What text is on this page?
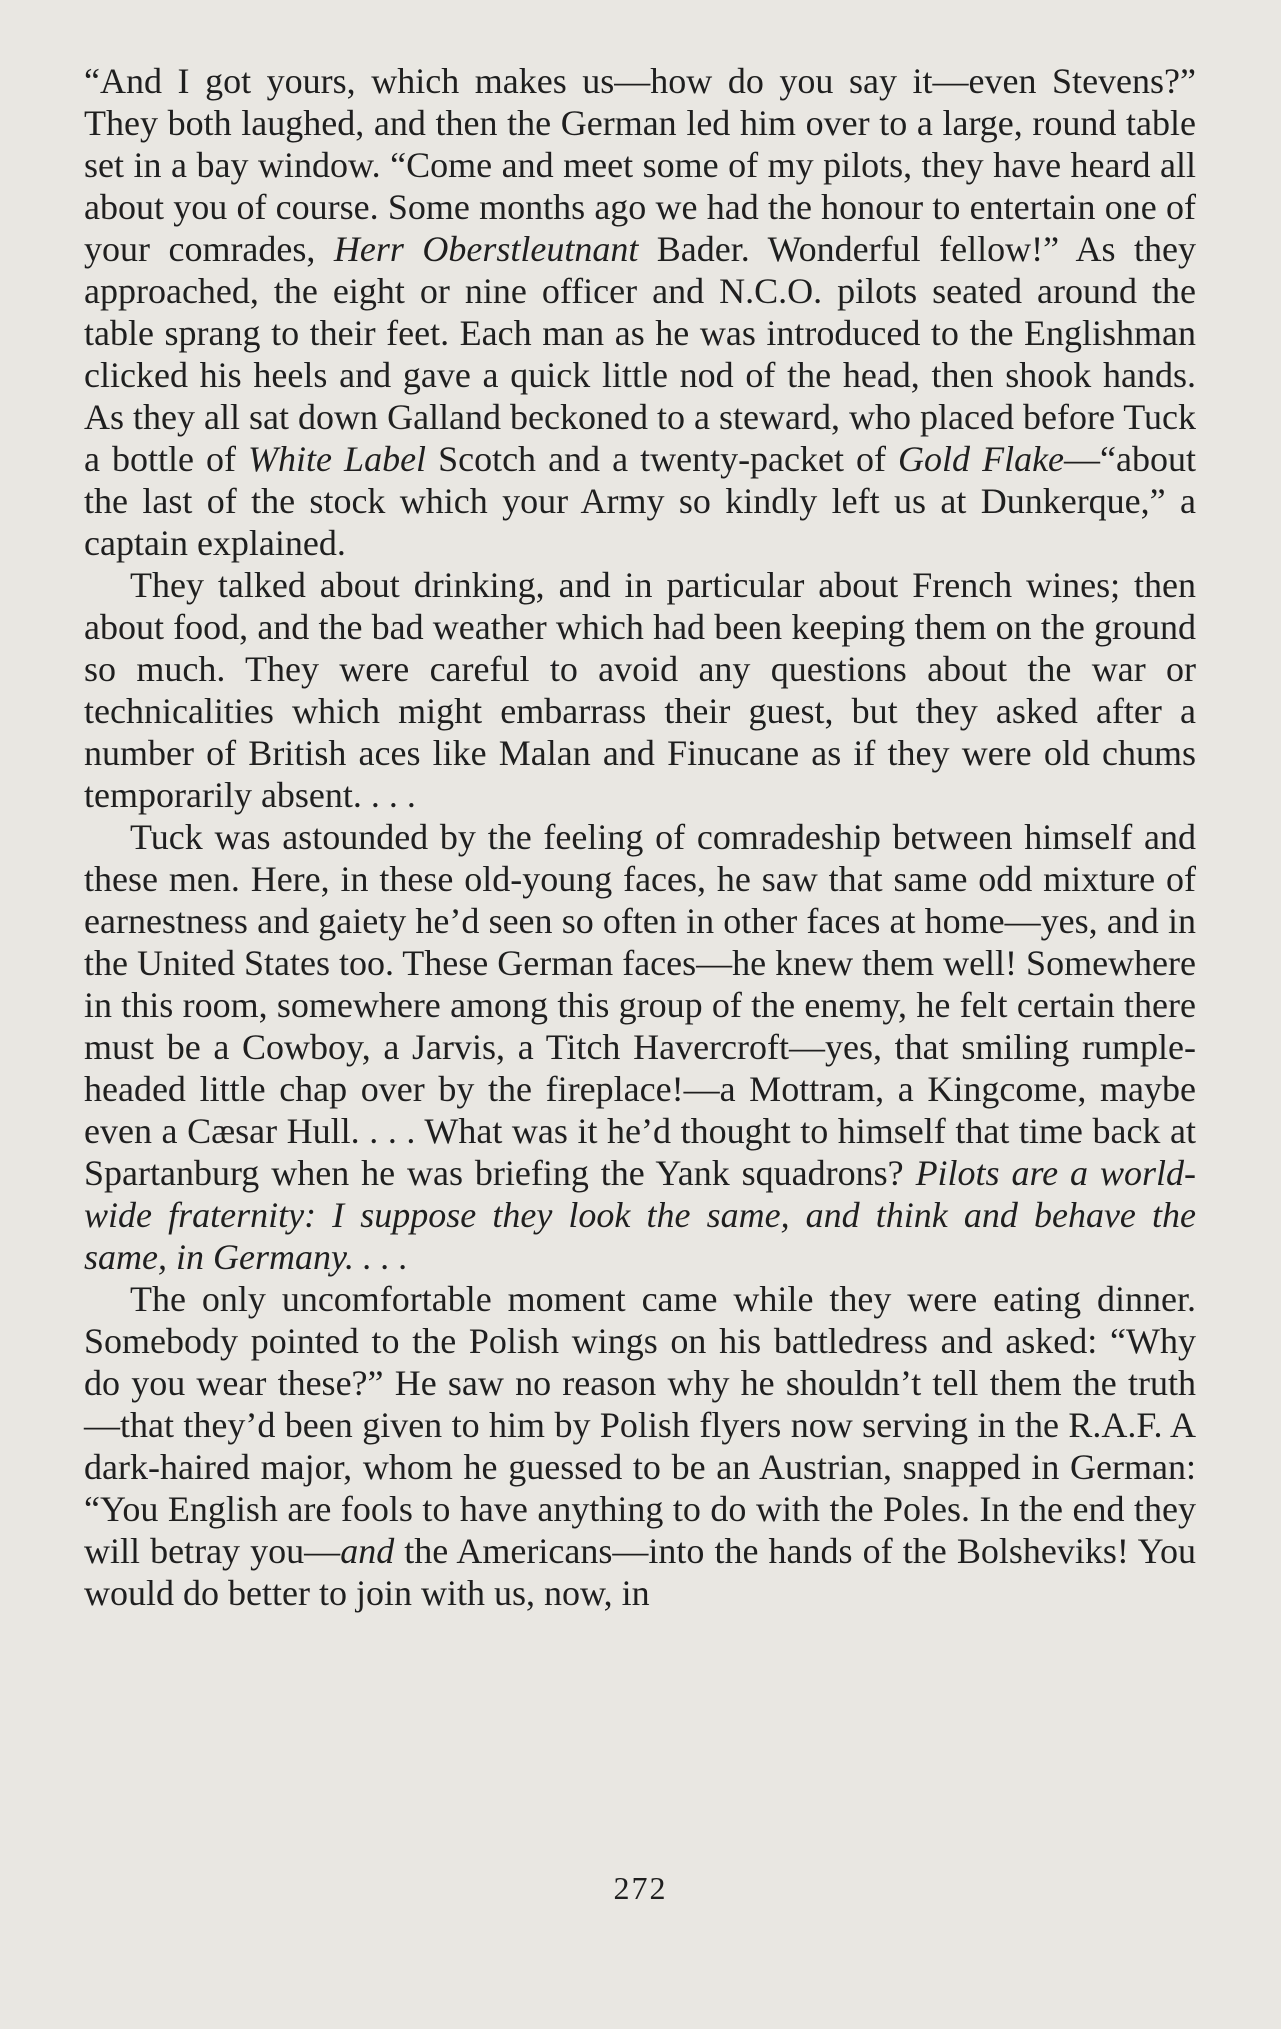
“And I got yours, which makes us—how do you say it—even Stevens?” They both laughed, and then the German led him over to a large, round table set in a bay window. “Come and meet some of my pilots, they have heard all about you of course. Some months ago we had the honour to entertain one of your comrades, Herr Oberstleutnant Bader. Wonderful fellow!” As they approached, the eight or nine officer and N.C.O. pilots seated around the table sprang to their feet. Each man as he was introduced to the Englishman clicked his heels and gave a quick little nod of the head, then shook hands. As they all sat down Galland beckoned to a steward, who placed before Tuck a bottle of White Label Scotch and a twenty-packet of Gold Flake—“about the last of the stock which your Army so kindly left us at Dunkerque,” a captain explained.

They talked about drinking, and in particular about French wines; then about food, and the bad weather which had been keeping them on the ground so much. They were careful to avoid any questions about the war or technicalities which might embarrass their guest, but they asked after a number of British aces like Malan and Finucane as if they were old chums temporarily absent. . . .

Tuck was astounded by the feeling of comradeship between himself and these men. Here, in these old-young faces, he saw that same odd mixture of earnestness and gaiety he’d seen so often in other faces at home—yes, and in the United States too. These German faces—he knew them well! Somewhere in this room, somewhere among this group of the enemy, he felt certain there must be a Cowboy, a Jarvis, a Titch Havercroft—yes, that smiling rumple-headed little chap over by the fireplace!—a Mottram, a Kingcome, maybe even a Cæsar Hull. . . . What was it he’d thought to himself that time back at Spartanburg when he was briefing the Yank squadrons? Pilots are a world-wide fraternity: I suppose they look the same, and think and behave the same, in Germany. . . .

The only uncomfortable moment came while they were eating dinner. Somebody pointed to the Polish wings on his battledress and asked: “Why do you wear these?” He saw no reason why he shouldn’t tell them the truth—that they’d been given to him by Polish flyers now serving in the R.A.F. A dark-haired major, whom he guessed to be an Austrian, snapped in German: “You English are fools to have anything to do with the Poles. In the end they will betray you—and the Americans—into the hands of the Bolsheviks! You would do better to join with us, now, in

272
